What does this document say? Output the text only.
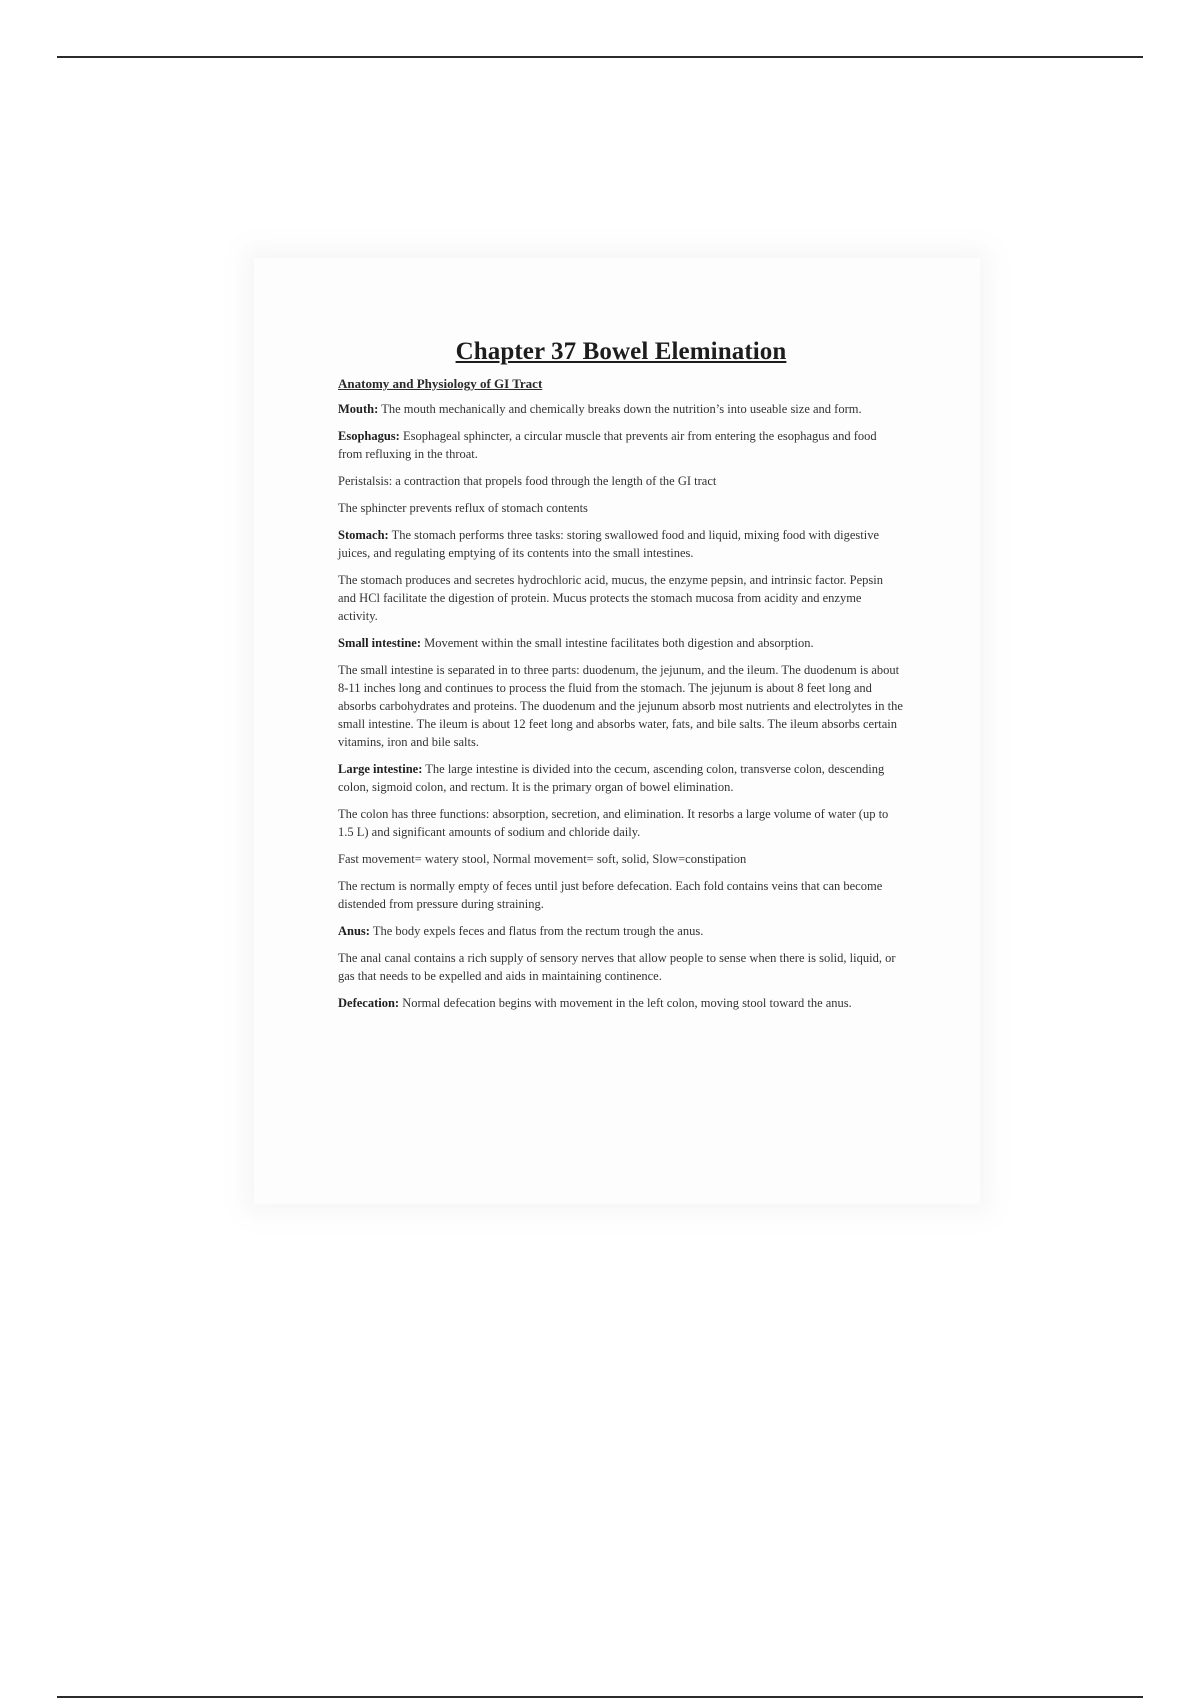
Chapter 37 Bowel Elemination
Anatomy and Physiology of GI Tract

Mouth: The mouth mechanically and chemically breaks down the nutrition’s into useable size and form.

Esophagus: Esophageal sphincter, a circular muscle that prevents air from entering the esophagus and food from refluxing in the throat.

Peristalsis: a contraction that propels food through the length of the GI tract

The sphincter prevents reflux of stomach contents

Stomach: The stomach performs three tasks: storing swallowed food and liquid, mixing food with digestive juices, and regulating emptying of its contents into the small intestines.

The stomach produces and secretes hydrochloric acid, mucus, the enzyme pepsin, and intrinsic factor. Pepsin and HCl facilitate the digestion of protein. Mucus protects the stomach mucosa from acidity and enzyme activity.

Small intestine: Movement within the small intestine facilitates both digestion and absorption.

The small intestine is separated in to three parts: duodenum, the jejunum, and the ileum. The duodenum is about 8-11 inches long and continues to process the fluid from the stomach. The jejunum is about 8 feet long and absorbs carbohydrates and proteins. The duodenum and the jejunum absorb most nutrients and electrolytes in the small intestine. The ileum is about 12 feet long and absorbs water, fats, and bile salts. The ileum absorbs certain vitamins, iron and bile salts.

Large intestine: The large intestine is divided into the cecum, ascending colon, transverse colon, descending colon, sigmoid colon, and rectum. It is the primary organ of bowel elimination.

The colon has three functions: absorption, secretion, and elimination. It resorbs a large volume of water (up to 1.5 L) and significant amounts of sodium and chloride daily.

Fast movement= watery stool, Normal movement= soft, solid, Slow=constipation

The rectum is normally empty of feces until just before defecation. Each fold contains veins that can become distended from pressure during straining.

Anus: The body expels feces and flatus from the rectum trough the anus.

The anal canal contains a rich supply of sensory nerves that allow people to sense when there is solid, liquid, or gas that needs to be expelled and aids in maintaining continence.

Defecation: Normal defecation begins with movement in the left colon, moving stool toward the anus.
